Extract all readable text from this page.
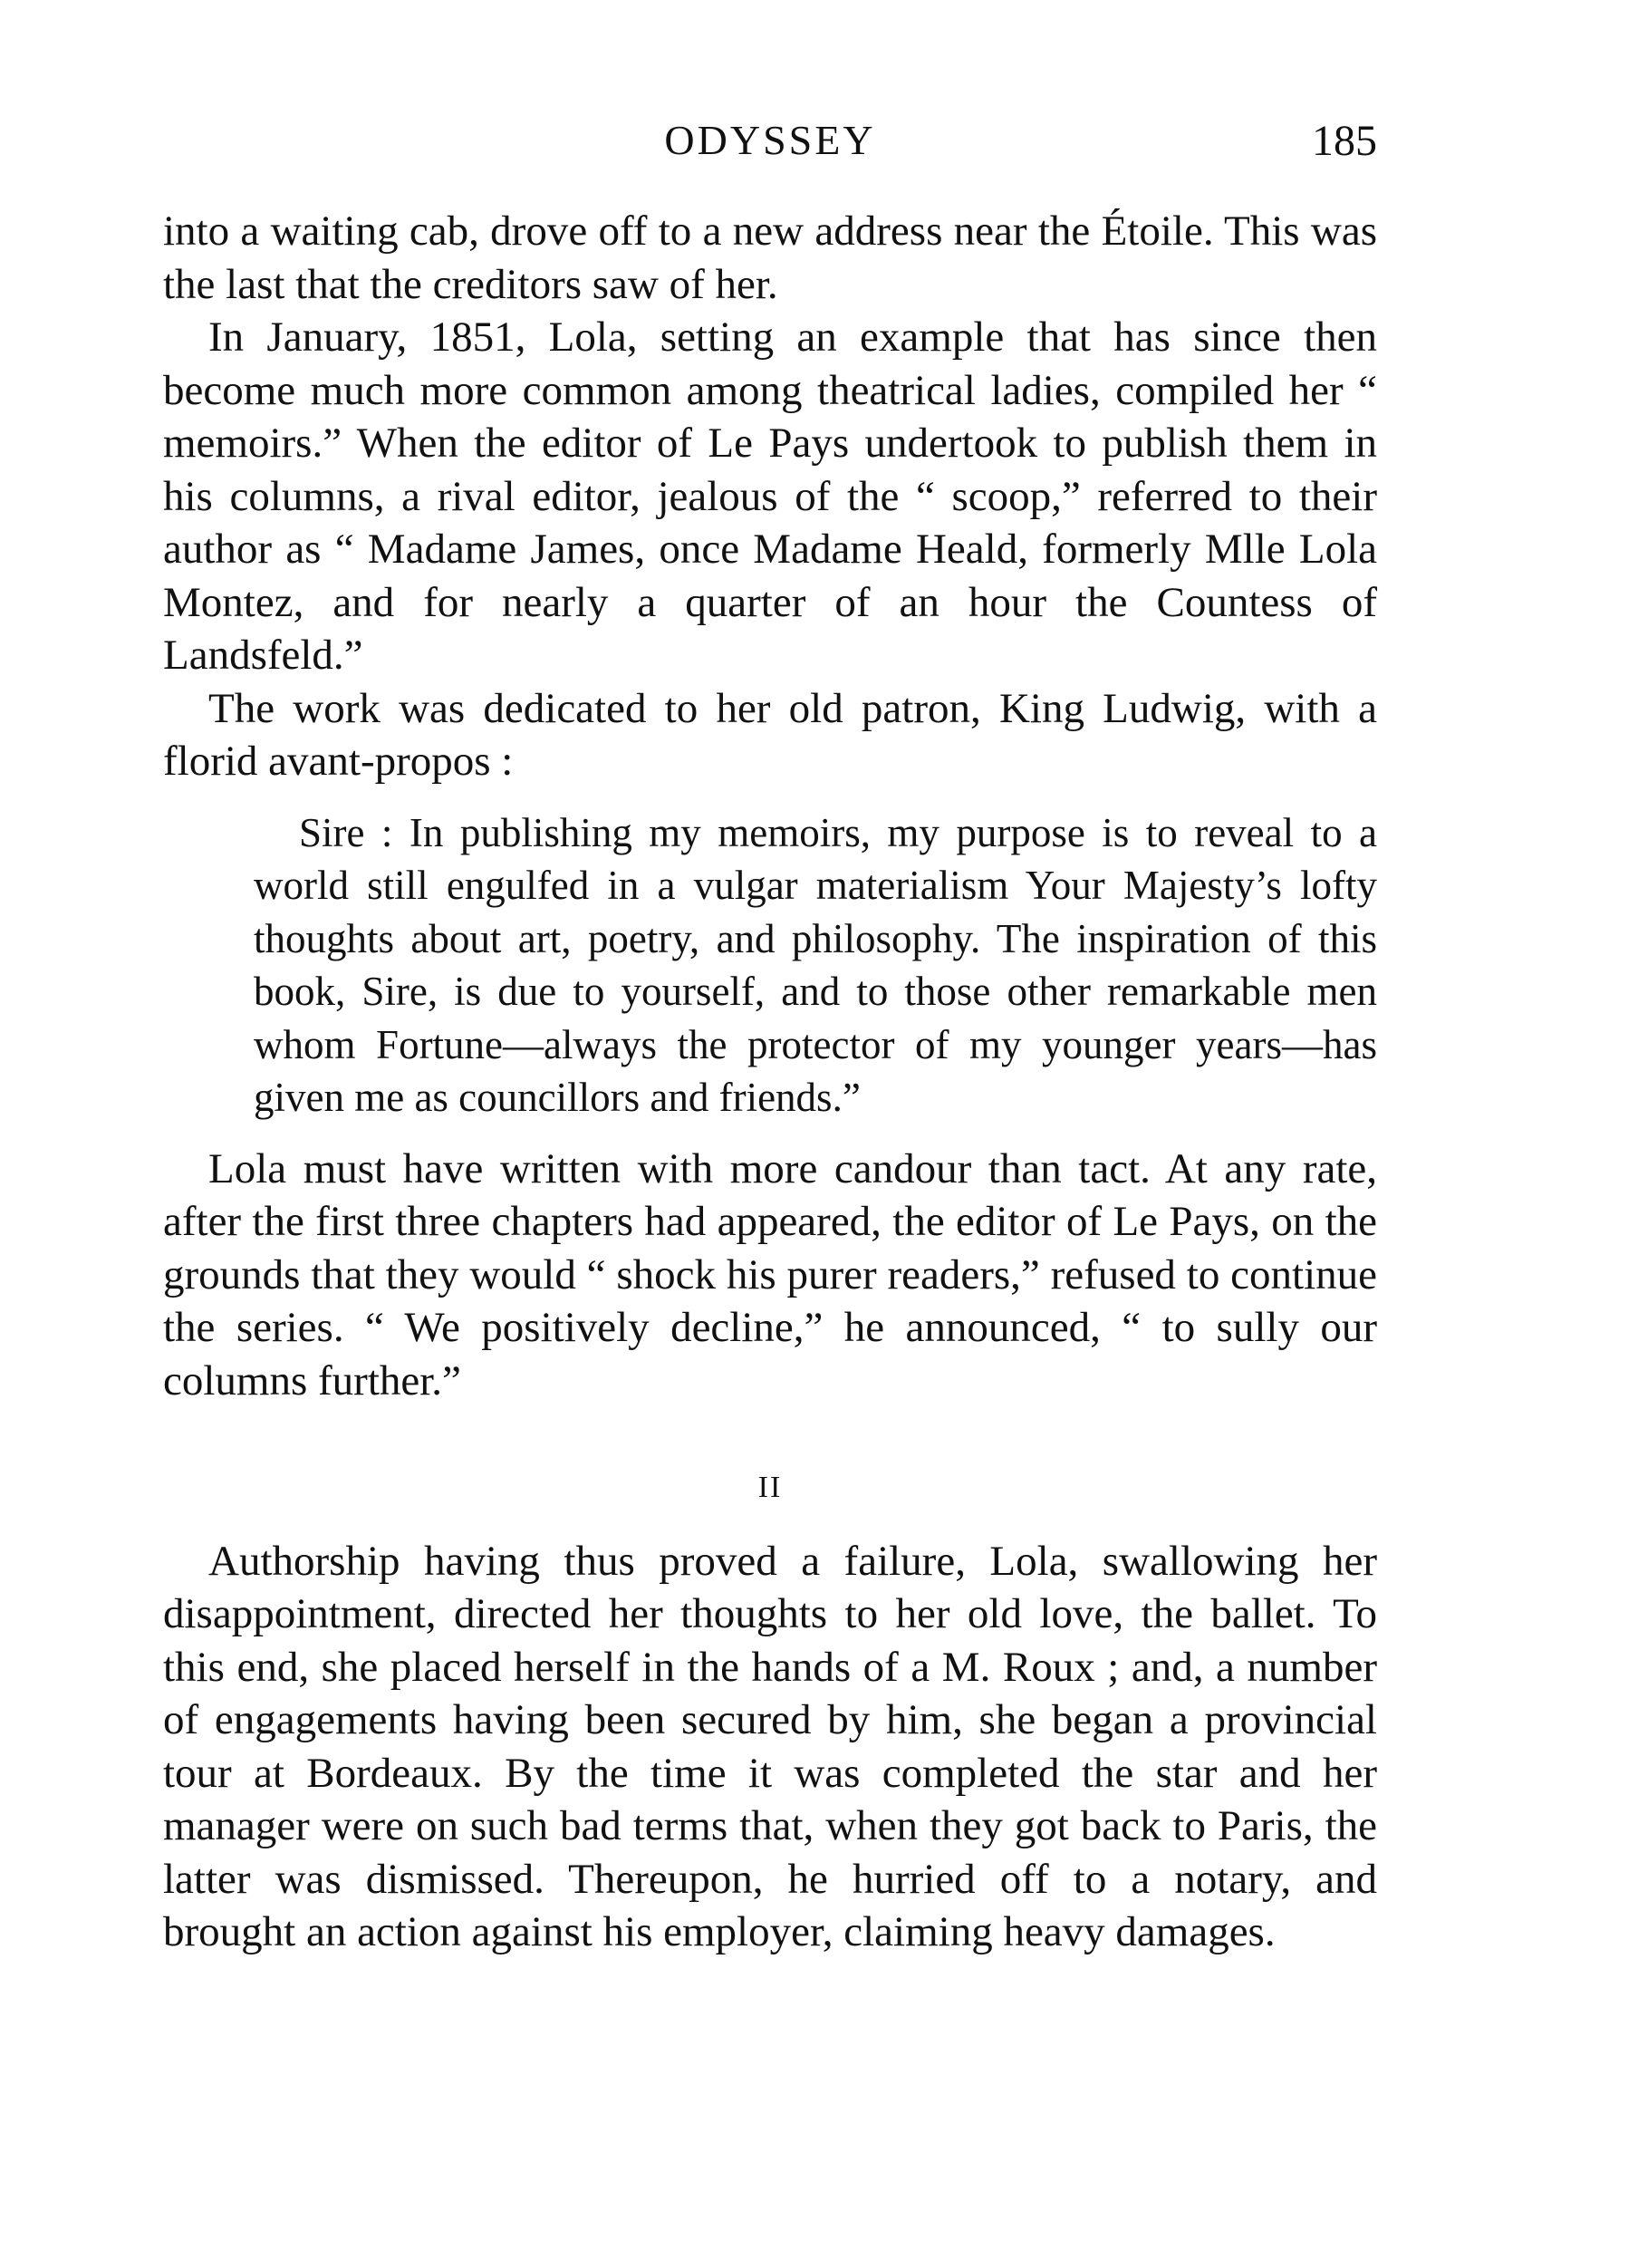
ODYSSEY	185

into a waiting cab, drove off to a new address near the Étoile. This was the last that the creditors saw of her.

In January, 1851, Lola, setting an example that has since then become much more common among theatrical ladies, compiled her “ memoirs.” When the editor of Le Pays undertook to publish them in his columns, a rival editor, jealous of the “ scoop,” referred to their author as “ Madame James, once Madame Heald, formerly Mlle Lola Montez, and for nearly a quarter of an hour the Countess of Landsfeld.”

The work was dedicated to her old patron, King Ludwig, with a florid avant-propos :

Sire : In publishing my memoirs, my purpose is to reveal to a world still engulfed in a vulgar materialism Your Majesty’s lofty thoughts about art, poetry, and philosophy. The inspiration of this book, Sire, is due to yourself, and to those other remarkable men whom Fortune—always the protector of my younger years—has given me as councillors and friends.”

Lola must have written with more candour than tact. At any rate, after the first three chapters had appeared, the editor of Le Pays, on the grounds that they would “ shock his purer readers,” refused to continue the series. “ We positively decline,” he announced, “ to sully our columns further.”

II

Authorship having thus proved a failure, Lola, swallowing her disappointment, directed her thoughts to her old love, the ballet. To this end, she placed herself in the hands of a M. Roux ; and, a number of engagements having been secured by him, she began a provincial tour at Bordeaux. By the time it was completed the star and her manager were on such bad terms that, when they got back to Paris, the latter was dismissed. Thereupon, he hurried off to a notary, and brought an action against his employer, claiming heavy damages.
